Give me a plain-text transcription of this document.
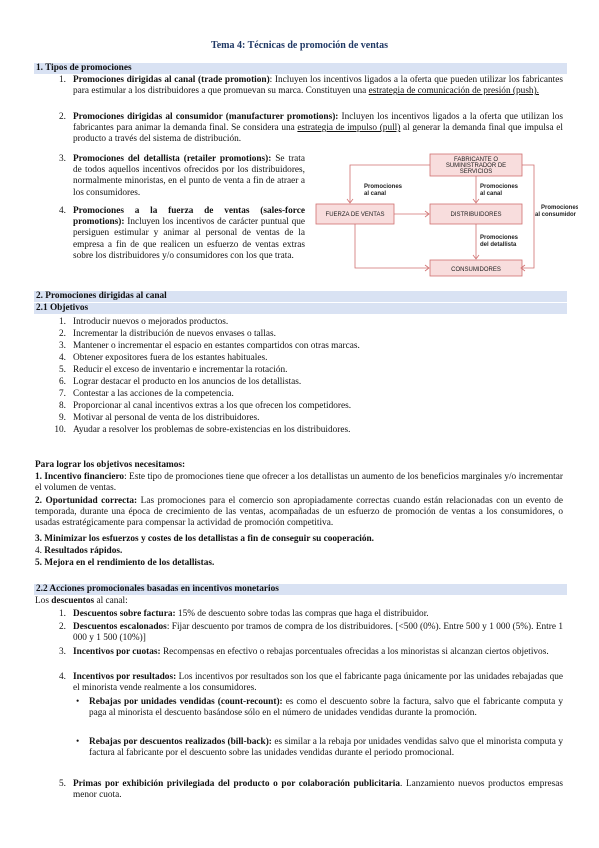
Tema 4: Técnicas de promoción de ventas
1. Tipos de promociones
1. Promociones dirigidas al canal (trade promotion): Incluyen los incentivos ligados a la oferta que pueden utilizar los fabricantes para estimular a los distribuidores a que promuevan su marca. Constituyen una estrategia de comunicación de presión (push).
2. Promociones dirigidas al consumidor (manufacturer promotions): Incluyen los incentivos ligados a la oferta que utilizan los fabricantes para animar la demanda final. Se considera una estrategia de impulso (pull) al generar la demanda final que impulsa el producto a través del sistema de distribución.
3. Promociones del detallista (retailer promotions): Se trata de todos aquellos incentivos ofrecidos por los distribuidores, normalmente minoristas, en el punto de venta a fin de atraer a los consumidores.
4. Promociones a la fuerza de ventas (sales-force promotions): Incluyen los incentivos de carácter puntual que persiguen estimular y animar al personal de ventas de la empresa a fin de que realicen un esfuerzo de ventas extras sobre los distribuidores y/o consumidores con los que trata.
FABRICANTE O
SUMINISTRADOR DE
SERVICIOS
FUERZA DE VENTAS	DISTRIBUIDORES
CONSUMIDORES
Promociones
al canal
Promociones
al canal
Promociones
del detallista
Promociones
al consumidor
2. Promociones dirigidas al canal
2.1 Objetivos
1. Introducir nuevos o mejorados productos.
2. Incrementar la distribución de nuevos envases o tallas.
3. Mantener o incrementar el espacio en estantes compartidos con otras marcas.
4. Obtener expositores fuera de los estantes habituales.
5. Reducir el exceso de inventario e incrementar la rotación.
6. Lograr destacar el producto en los anuncios de los detallistas.
7. Contestar a las acciones de la competencia.
8. Proporcionar al canal incentivos extras a los que ofrecen los competidores.
9. Motivar al personal de venta de los distribuidores.
10. Ayudar a resolver los problemas de sobre-existencias en los distribuidores.
Para lograr los objetivos necesitamos:
1. Incentivo financiero: Este tipo de promociones tiene que ofrecer a los detallistas un aumento de los beneficios marginales y/o incrementar el volumen de ventas.
2. Oportunidad correcta: Las promociones para el comercio son apropiadamente correctas cuando están relacionadas con un evento de temporada, durante una época de crecimiento de las ventas, acompañadas de un esfuerzo de promoción de ventas a los consumidores, o usadas estratégicamente para compensar la actividad de promoción competitiva.
3. Minimizar los esfuerzos y costes de los detallistas a fin de conseguir su cooperación.
4. Resultados rápidos.
5. Mejora en el rendimiento de los detallistas.
2.2 Acciones promocionales basadas en incentivos monetarios
Los descuentos al canal:
1. Descuentos sobre factura: 15% de descuento sobre todas las compras que haga el distribuidor.
2. Descuentos escalonados: Fijar descuento por tramos de compra de los distribuidores. [<500 (0%). Entre 500 y 1 000 (5%). Entre 1 000 y 1 500 (10%)]
3. Incentivos por cuotas: Recompensas en efectivo o rebajas porcentuales ofrecidas a los minoristas si alcanzan ciertos objetivos.
4. Incentivos por resultados: Los incentivos por resultados son los que el fabricante paga únicamente por las unidades rebajadas que el minorista vende realmente a los consumidores.
• Rebajas por unidades vendidas (count-recount): es como el descuento sobre la factura, salvo que el fabricante computa y paga al minorista el descuento basándose sólo en el número de unidades vendidas durante la promoción.
• Rebajas por descuentos realizados (bill-back): es similar a la rebaja por unidades vendidas salvo que el minorista computa y factura al fabricante por el descuento sobre las unidades vendidas durante el periodo promocional.
5. Primas por exhibición privilegiada del producto o por colaboración publicitaria. Lanzamiento nuevos productos empresas menor cuota.
